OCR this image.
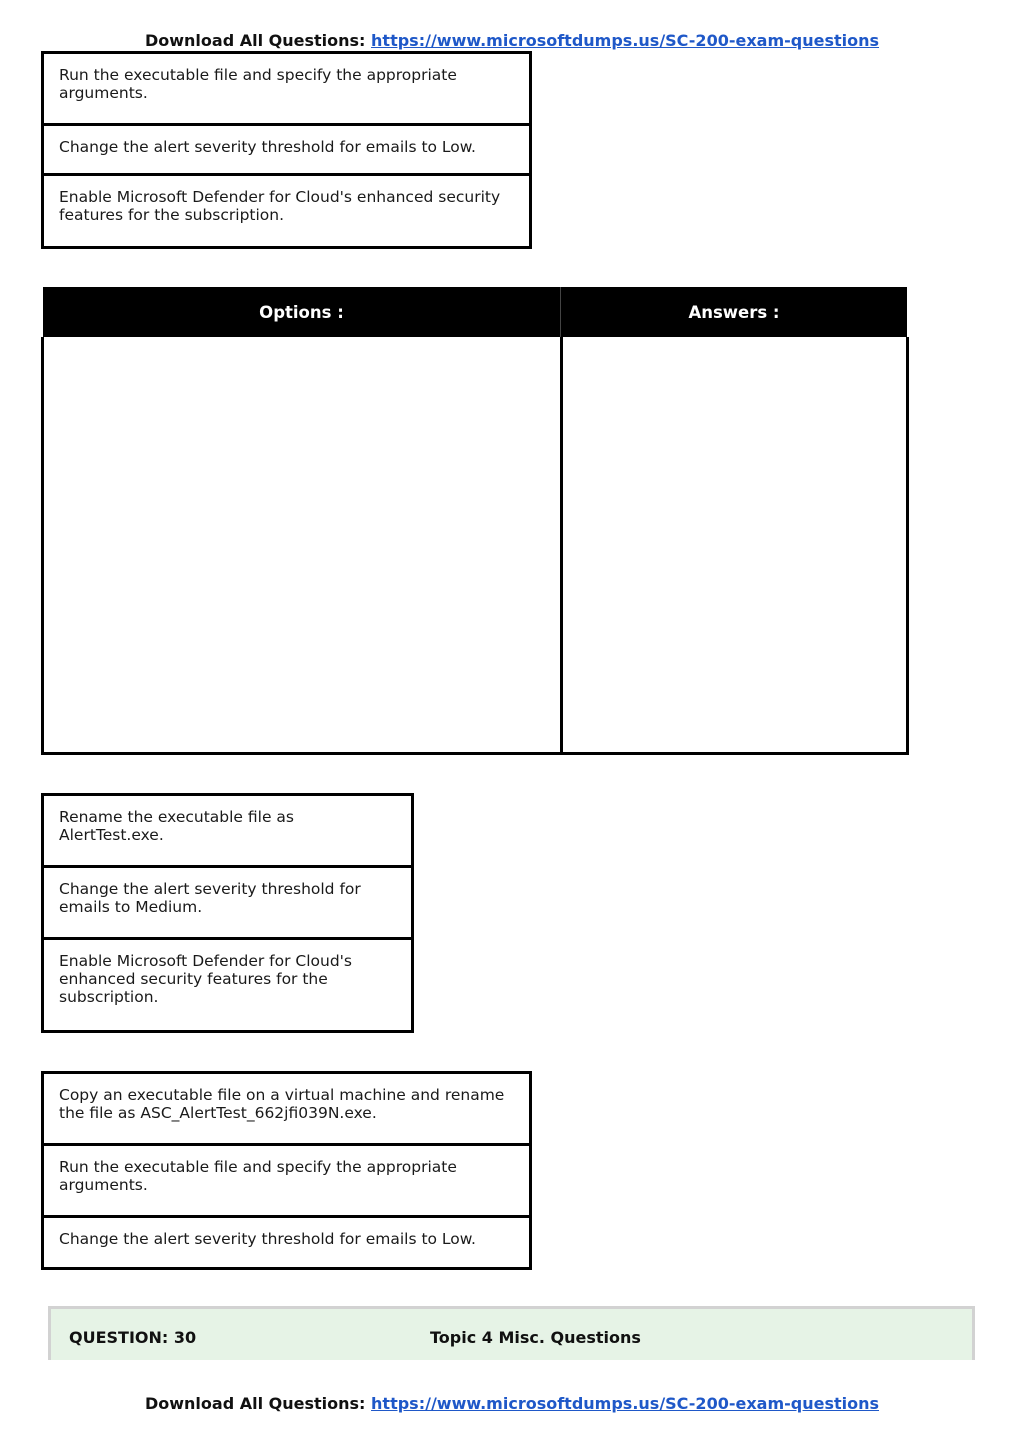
Download All Questions: https://www.microsoftdumps.us/SC-200-exam-questions
Run the executable file and specify the appropriate arguments.
Change the alert severity threshold for emails to Low.
Enable Microsoft Defender for Cloud's enhanced security features for the subscription.
Options :	Answers :
Rename the executable file as AlertTest.exe.
Change the alert severity threshold for emails to Medium.
Enable Microsoft Defender for Cloud's enhanced security features for the subscription.
Copy an executable file on a virtual machine and rename the file as ASC_AlertTest_662jfi039N.exe.
Run the executable file and specify the appropriate arguments.
Change the alert severity threshold for emails to Low.
QUESTION: 30	Topic 4 Misc. Questions
Download All Questions: https://www.microsoftdumps.us/SC-200-exam-questions
